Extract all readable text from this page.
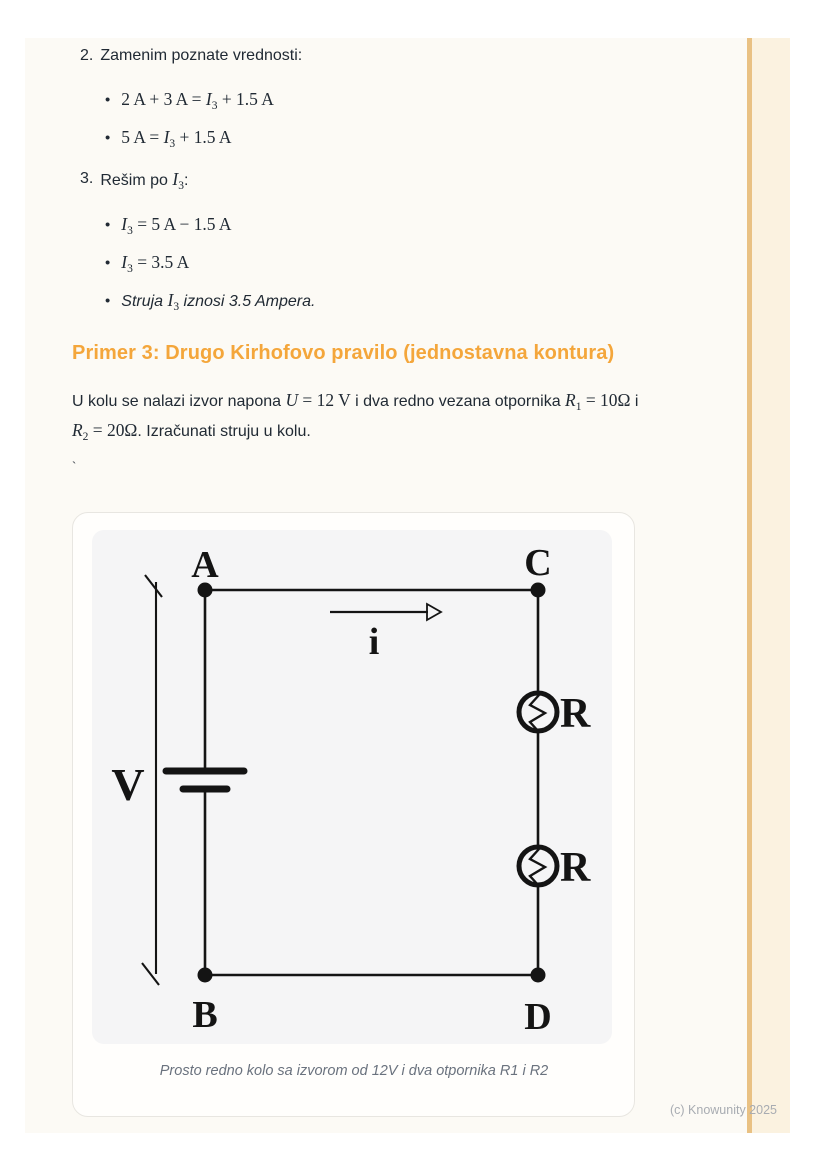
2. Zamenim poznate vrednosti:
• 2 A + 3 $A = I_3 + 1.5$ A
• 5 $A = I_3 + 1.5$ A
3. Rešim po $I_3$:
• $I_3 = 5$ A − 1.5 A
• $I_3 = 3.5$ A
• Struja $I_3$ iznosi 3.5 Ampera.
Primer 3: Drugo Kirhofovo pravilo (jednostavna kontura)
U kolu se nalazi izvor napona U = 12 V i dva redno vezana otpornika $R_1 = 10\Omega$ i
$R_2 = 20\Omega$. Izračunati struju u kolu.
`
V
i
R
R
A	C
B	D
Prosto redno kolo sa izvorom od 12V i dva otpornika R1 i R2
(c) Knowunity 2025
